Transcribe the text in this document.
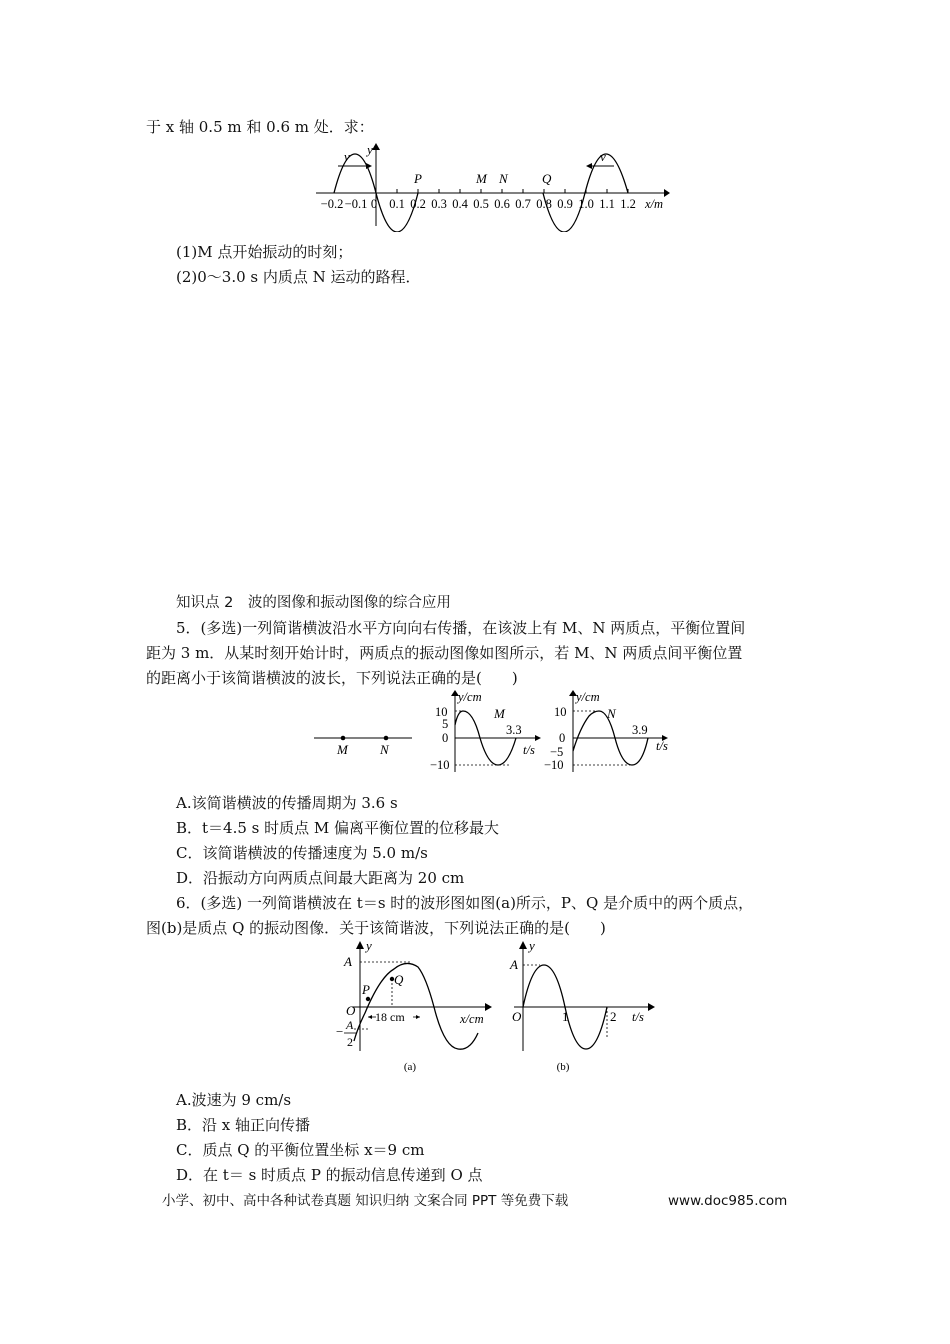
于 x 轴 0.5 m 和 0.6 m 处．求：
y
v	v
P	M N	Q
−0.2 −0.1 0 0.1 0.2 0.3 0.4 0.5 0.6 0.7 0.8 0.9 1.0 1.1 1.2 x/m
(1)M 点开始振动的时刻；
(2)0～3.0 s 内质点 N 运动的路程．
知识点 2　波的图像和振动图像的综合应用
5．(多选)一列简谐横波沿水平方向向右传播，在该波上有 M、N 两质点，平衡位置间
距为 3 m．从某时刻开始计时，两质点的振动图像如图所示，若 M、N 两质点间平衡位置
的距离小于该简谐横波的波长，下列说法正确的是(　　)
M N
y/cm
t/s
M
10
5
0
−10
3.3
y/cm
t/s
N
10
0
−5
−10
3.9
A.该简谐横波的传播周期为 3.6 s
B．t＝4.5 s 时质点 M 偏离平衡位置的位移最大
C．该简谐横波的传播速度为 5.0 m/s
D．沿振动方向两质点间最大距离为 20 cm
6．(多选) 一列简谐横波在 t＝s 时的波形图如图(a)所示，P、Q 是介质中的两个质点，
图(b)是质点 Q 的振动图像．关于该简谐波，下列说法正确的是(　　)
y
A
O
− A
2
P
Q
18 cm	x/cm
(a)
y
A
O	1	2 t/s
(b)
A.波速为 9 cm/s
B．沿 x 轴正向传播
C．质点 Q 的平衡位置坐标 x＝9 cm
D．在 t＝ s 时质点 P 的振动信息传递到 O 点
小学、初中、高中各种试卷真题 知识归纳 文案合同 PPT 等免费下载	www.doc985.com
